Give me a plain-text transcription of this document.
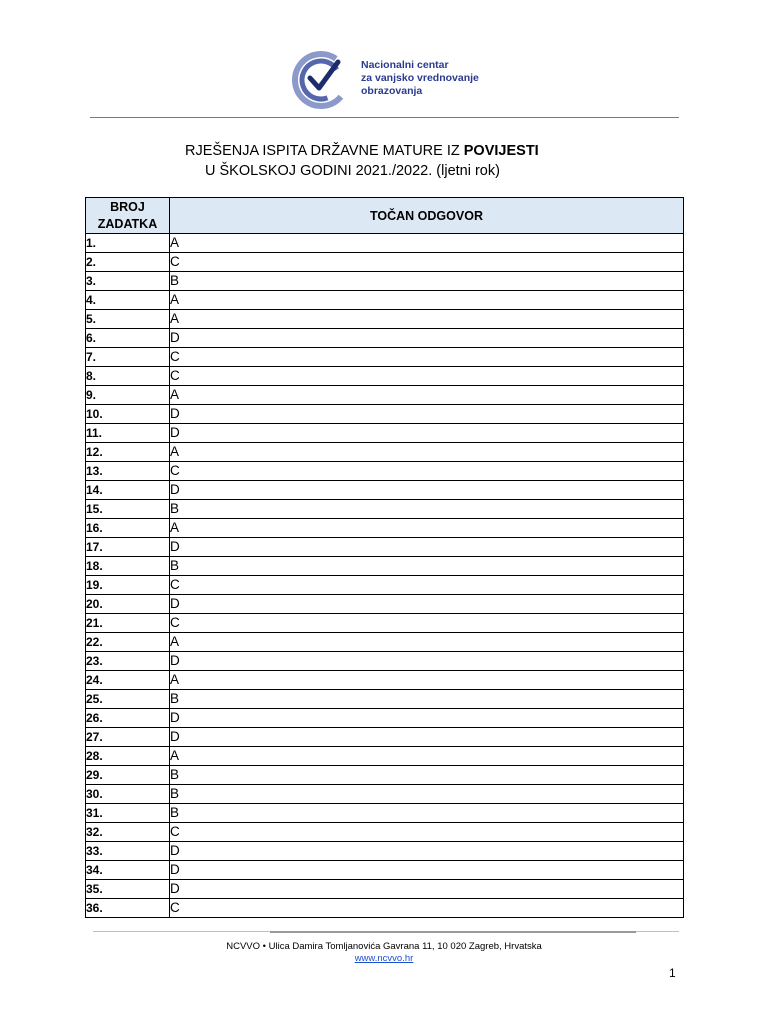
Nacionalni centar
za vanjsko vrednovanje
obrazovanja
RJEŠENJA ISPITA DRŽAVNE MATURE IZ POVIJESTI
U ŠKOLSKOJ GODINI 2021./2022. (ljetni rok)
BROJ
ZADATKA	TOČAN ODGOVOR
1.	A
2.	C
3.	B
4.	A
5.	A
6.	D
7.	C
8.	C
9.	A
10.	D
11.	D
12.	A
13.	C
14.	D
15.	B
16.	A
17.	D
18.	B
19.	C
20.	D
21.	C
22.	A
23.	D
24.	A
25.	B
26.	D
27.	D
28.	A
29.	B
30.	B
31.	B
32.	C
33.	D
34.	D
35.	D
36.	C
NCVVO • Ulica Damira Tomljanovića Gavrana 11, 10 020 Zagreb, Hrvatska
www.ncvvo.hr
1
